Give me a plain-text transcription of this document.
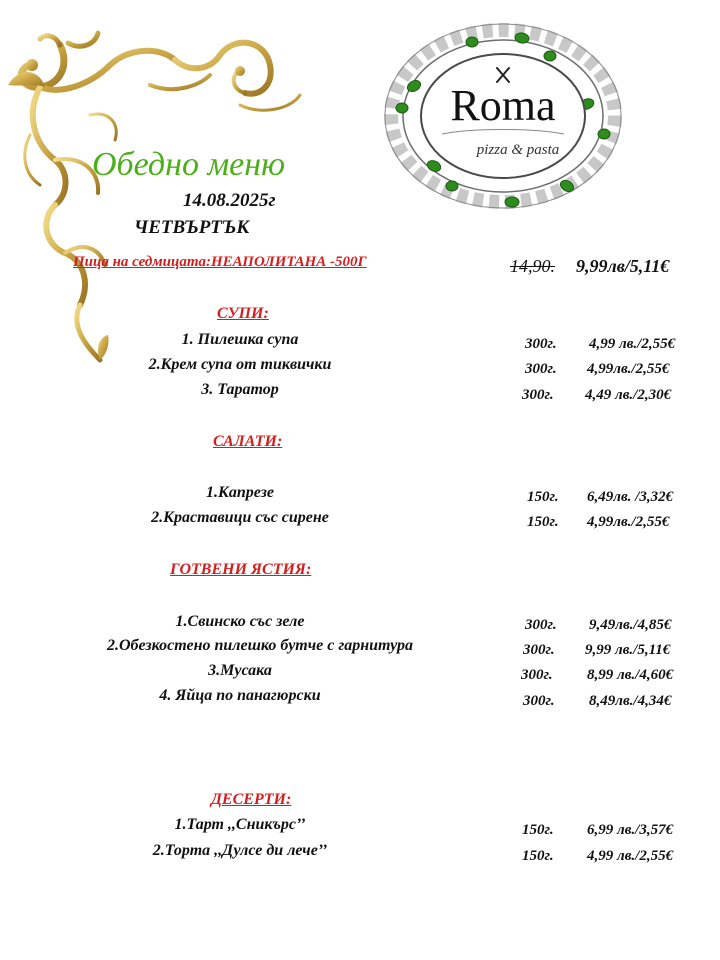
Roma
pizza & pasta
Обедно меню
14.08.2025г
ЧЕТВЪРТЪК
Пица на седмицата:НЕАПОЛИТАНА -500Г	14,90. 9,99лв/5,11€
СУПИ:
1. Пилешка супа	300г. 4,99 лв./2,55€
2.Крем супа от тиквички	300г. 4,99лв./2,55€
3. Таратор	300г. 4,49 лв./2,30€
САЛАТИ:
1.Капрезе	150г. 6,49лв. /3,32€
2.Краставици със сирене	150г. 4,99лв./2,55€
ГОТВЕНИ ЯСТИЯ:
1.Свинско със зеле	300г. 9,49лв./4,85€
2.Обезкостено пилешко бутче с гарнитура	300г. 9,99 лв./5,11€
3.Мусака	300г. 8,99 лв./4,60€
4. Яйца по панагюрски	300г. 8,49лв./4,34€
ДЕСЕРТИ:
1.Тарт ,,Сникърс’’	150г. 6,99 лв./3,57€
2.Торта ,,Дулсе ди лече’’	150г. 4,99 лв./2,55€
